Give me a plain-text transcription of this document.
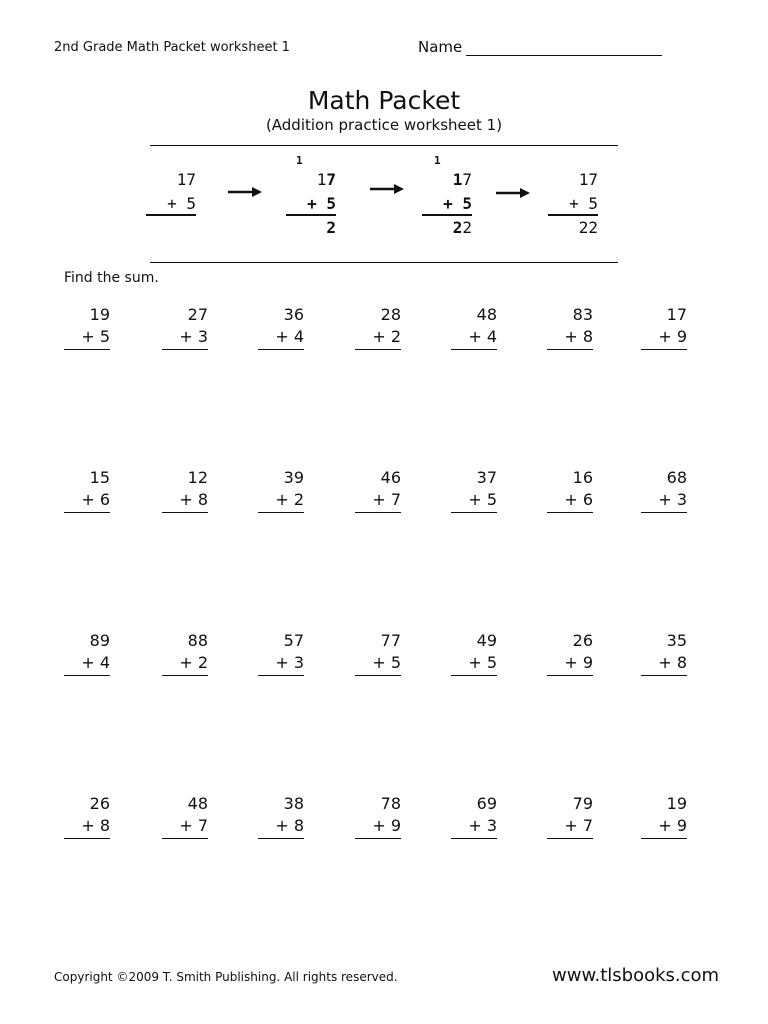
2nd Grade Math Packet worksheet 1	Name
Math Packet
(Addition practice worksheet 1)
17
+ 5
1
17
+ 5
2
1
17
+ 5
22
17
+ 5
22
Find the sum.
19
+ 5
27
+ 3
36
+ 4
28
+ 2
48
+ 4
83
+ 8
17
+ 9
15
+ 6
12
+ 8
39
+ 2
46
+ 7
37
+ 5
16
+ 6
68
+ 3
89
+ 4
88
+ 2
57
+ 3
77
+ 5
49
+ 5
26
+ 9
35
+ 8
26
+ 8
48
+ 7
38
+ 8
78
+ 9
69
+ 3
79
+ 7
19
+ 9
Copyright ©2009 T. Smith Publishing. All rights reserved.	www.tlsbooks.com
